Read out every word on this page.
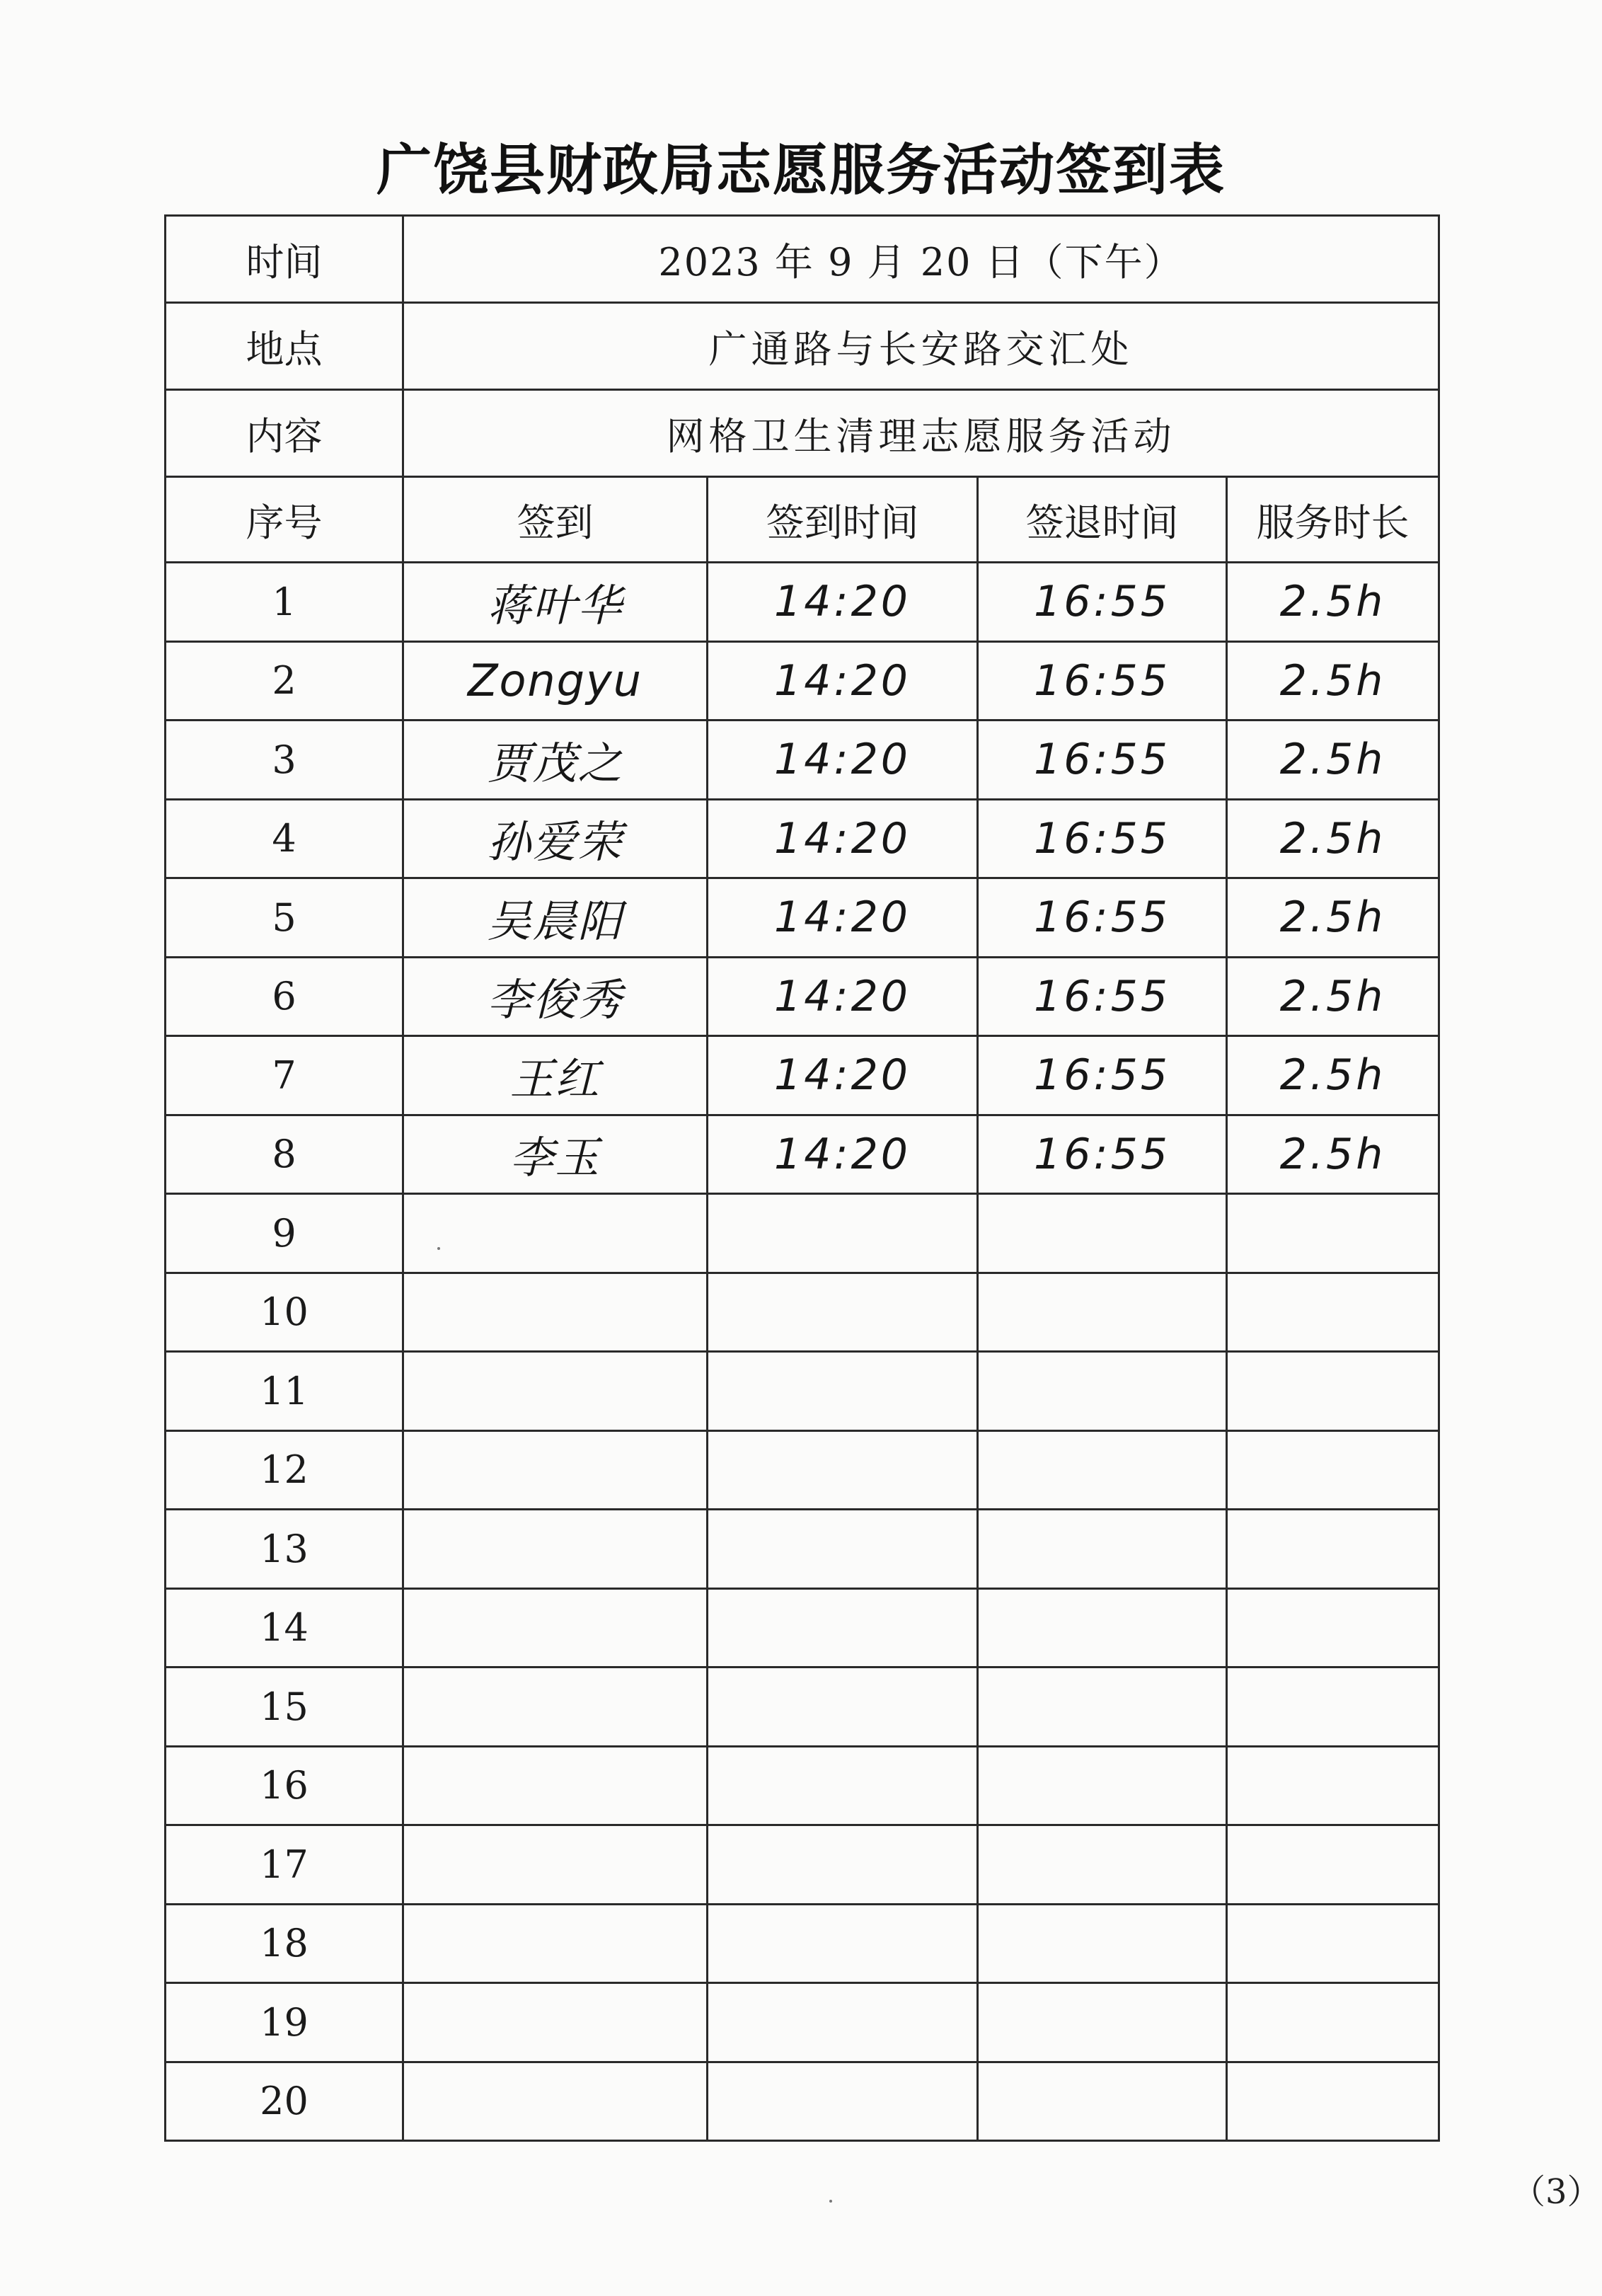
广饶县财政局志愿服务活动签到表
时间	2023 年 9 月 20 日（下午）			
地点	广通路与长安路交汇处			
内容	网格卫生清理志愿服务活动			
序号	签到	签到时间	签退时间	服务时长
1	蒋叶华	14:20	16:55	2.5h
2	Zongyu	14:20	16:55	2.5h
3	贾茂之	14:20	16:55	2.5h
4	孙爱荣	14:20	16:55	2.5h
5	吴晨阳	14:20	16:55	2.5h
6	李俊秀	14:20	16:55	2.5h
7	王红	14:20	16:55	2.5h
8	李玉	14:20	16:55	2.5h
9				
10				
11				
12				
13				
14				
15				
16				
17				
18				
19				
20				
（3）
